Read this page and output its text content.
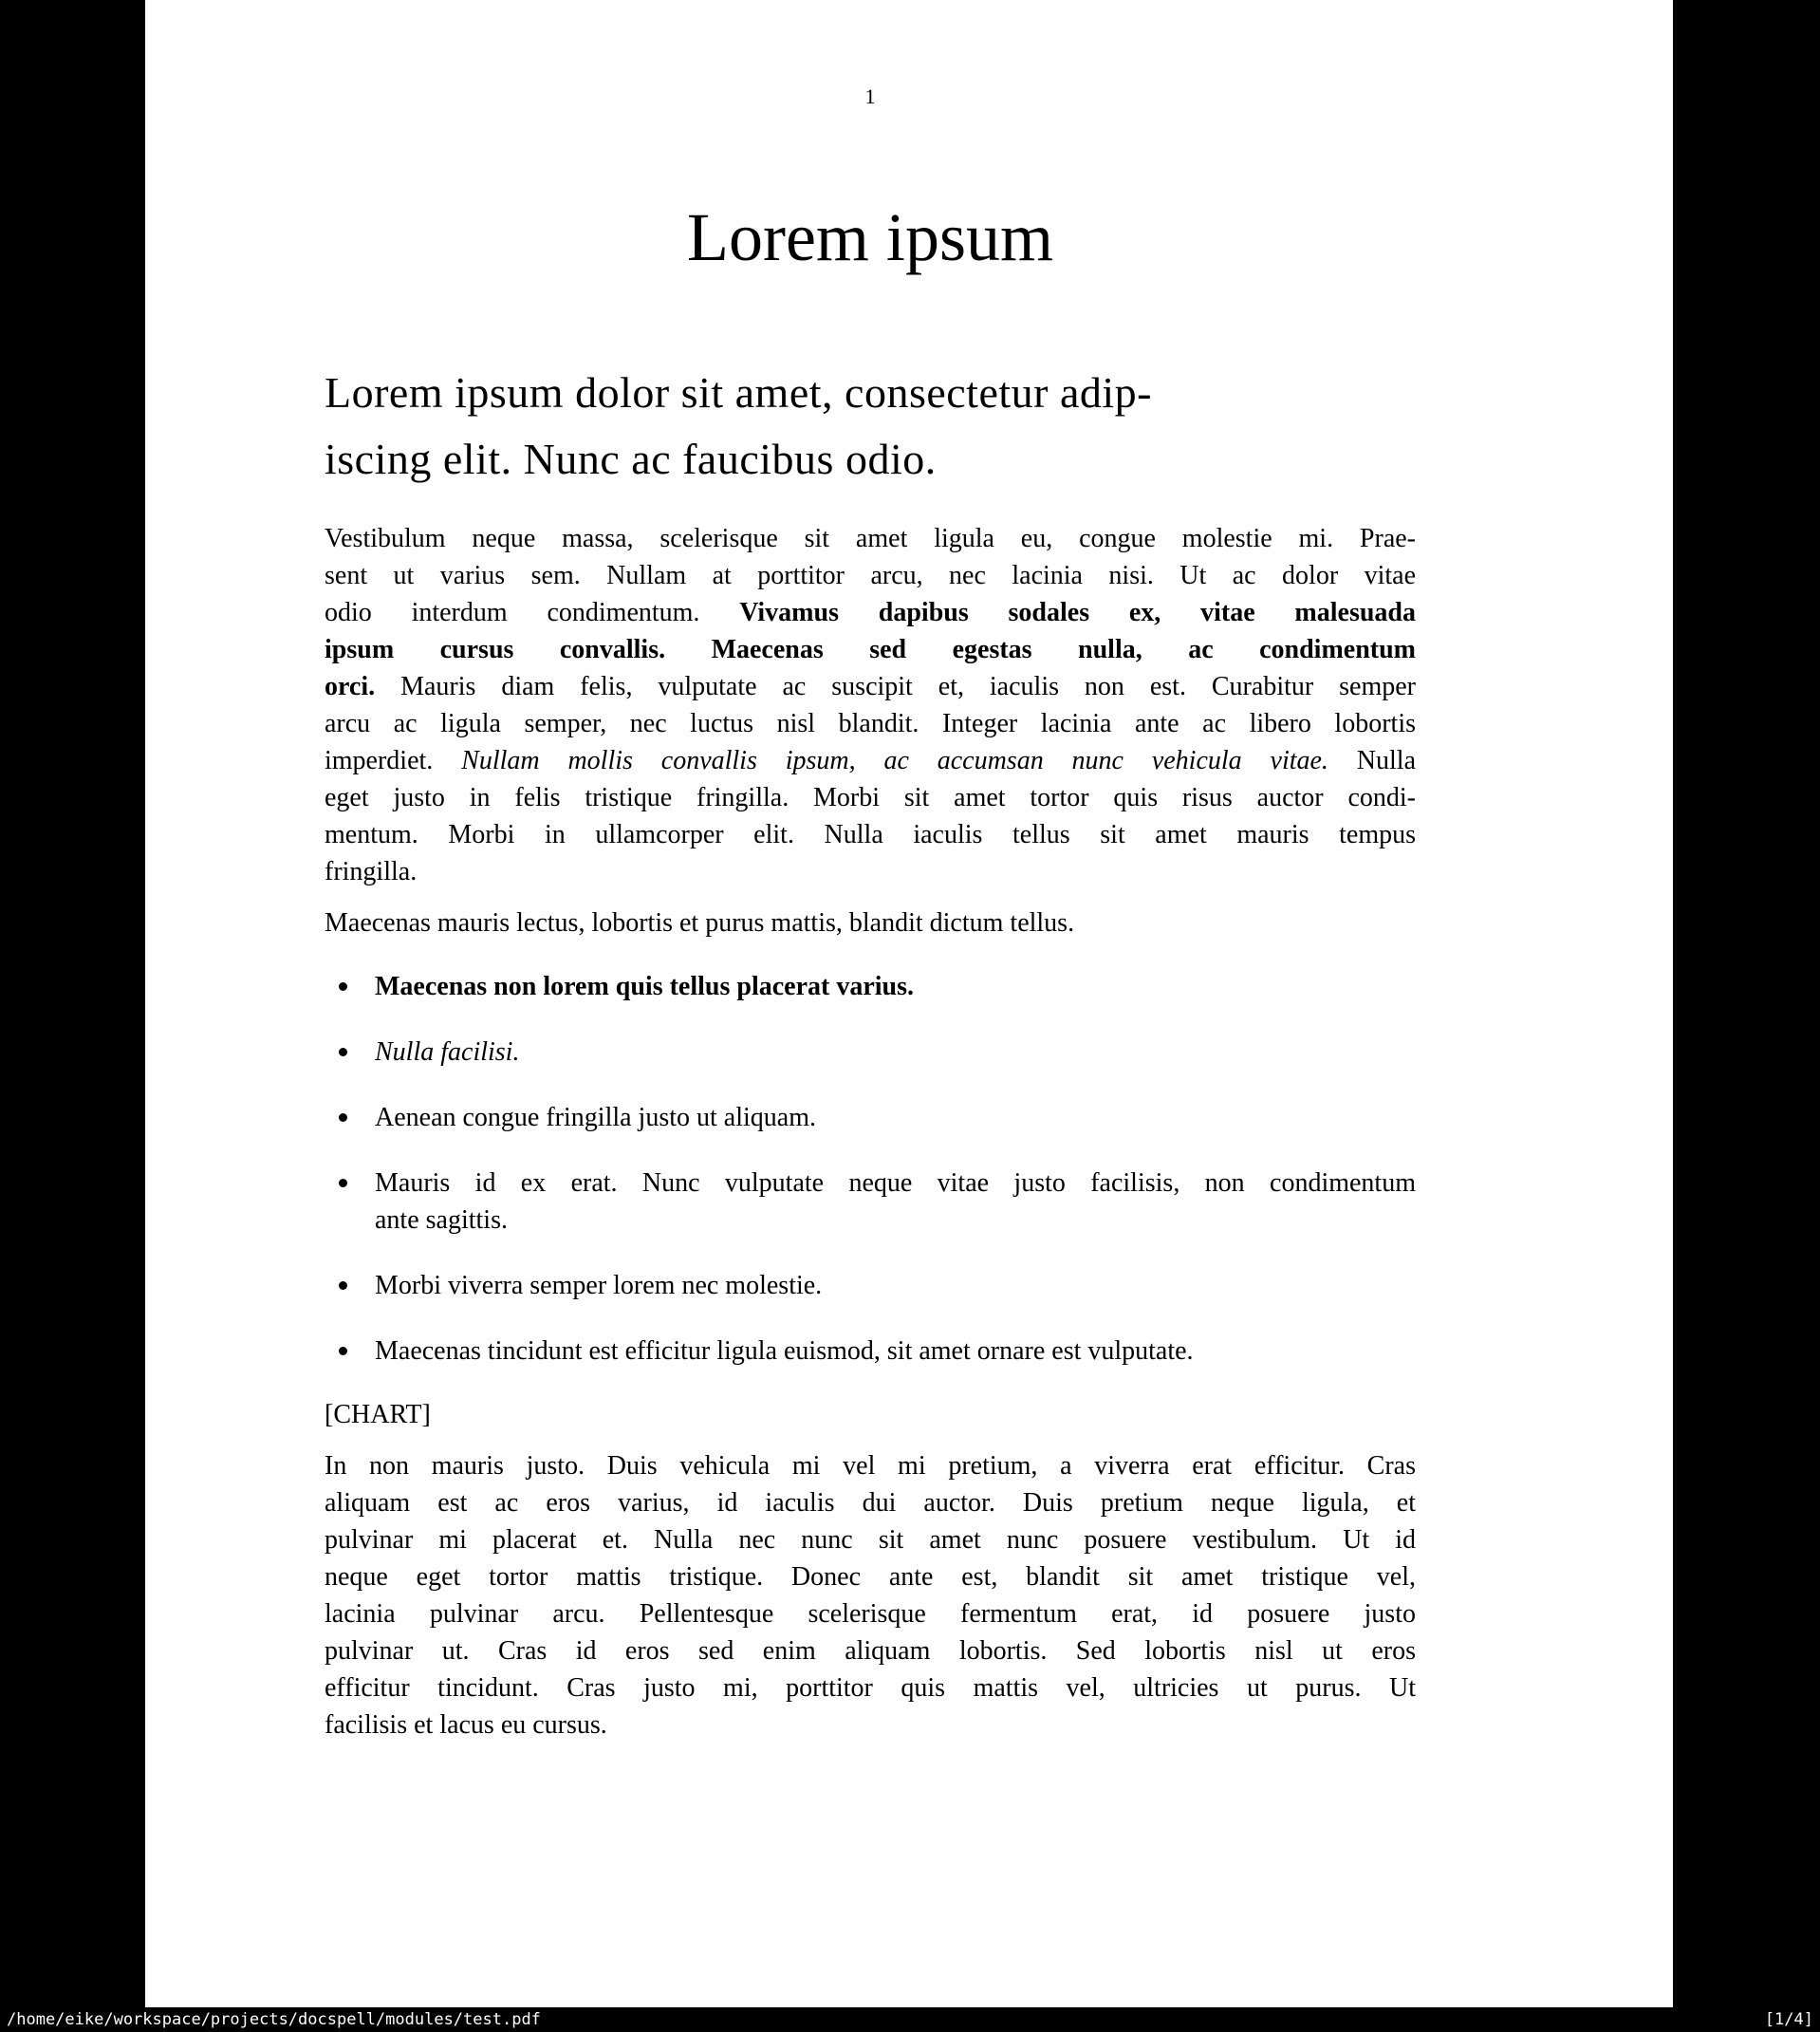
1
Lorem ipsum
Lorem ipsum dolor sit amet, consectetur adip-
iscing elit. Nunc ac faucibus odio.
Vestibulum neque massa, scelerisque sit amet ligula eu, congue molestie mi. Prae-
sent ut varius sem. Nullam at porttitor arcu, nec lacinia nisi. Ut ac dolor vitae
odio interdum condimentum. Vivamus dapibus sodales ex, vitae malesuada
ipsum cursus convallis. Maecenas sed egestas nulla, ac condimentum
orci. Mauris diam felis, vulputate ac suscipit et, iaculis non est. Curabitur semper
arcu ac ligula semper, nec luctus nisl blandit. Integer lacinia ante ac libero lobortis
imperdiet. Nullam mollis convallis ipsum, ac accumsan nunc vehicula vitae. Nulla
eget justo in felis tristique fringilla. Morbi sit amet tortor quis risus auctor condi-
mentum. Morbi in ullamcorper elit. Nulla iaculis tellus sit amet mauris tempus
fringilla.
Maecenas mauris lectus, lobortis et purus mattis, blandit dictum tellus.
Maecenas non lorem quis tellus placerat varius.
Nulla facilisi.
Aenean congue fringilla justo ut aliquam.
Mauris id ex erat. Nunc vulputate neque vitae justo facilisis, non condimentum
ante sagittis.
Morbi viverra semper lorem nec molestie.
Maecenas tincidunt est efficitur ligula euismod, sit amet ornare est vulputate.
[CHART]
In non mauris justo. Duis vehicula mi vel mi pretium, a viverra erat efficitur. Cras
aliquam est ac eros varius, id iaculis dui auctor. Duis pretium neque ligula, et
pulvinar mi placerat et. Nulla nec nunc sit amet nunc posuere vestibulum. Ut id
neque eget tortor mattis tristique. Donec ante est, blandit sit amet tristique vel,
lacinia pulvinar arcu. Pellentesque scelerisque fermentum erat, id posuere justo
pulvinar ut. Cras id eros sed enim aliquam lobortis. Sed lobortis nisl ut eros
efficitur tincidunt. Cras justo mi, porttitor quis mattis vel, ultricies ut purus. Ut
facilisis et lacus eu cursus.
/home/eike/workspace/projects/docspell/modules/test.pdf	[1/4]
